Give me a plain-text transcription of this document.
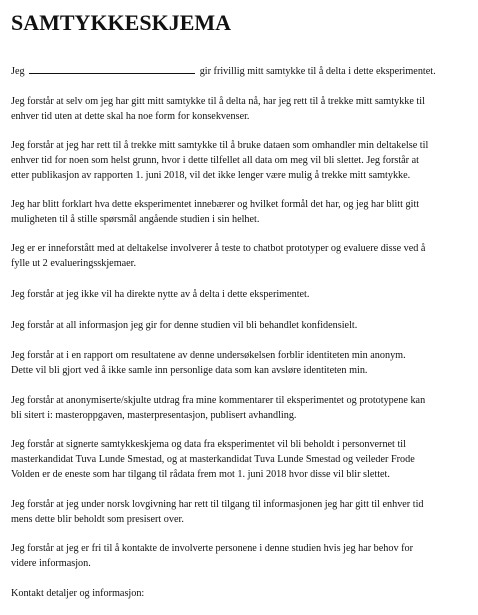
SAMTYKKESKJEMA

Jeg	gir frivillig mitt samtykke til å delta i dette eksperimentet.

Jeg forstår at selv om jeg har gitt mitt samtykke til å delta nå, har jeg rett til å trekke mitt samtykke til
enhver tid uten at dette skal ha noe form for konsekvenser.

Jeg forstår at jeg har rett til å trekke mitt samtykke til å bruke dataen som omhandler min deltakelse til
enhver tid for noen som helst grunn, hvor i dette tilfellet all data om meg vil bli slettet. Jeg forstår at
etter publikasjon av rapporten 1. juni 2018, vil det ikke lenger være mulig å trekke mitt samtykke.

Jeg har blitt forklart hva dette eksperimentet innebærer og hvilket formål det har, og jeg har blitt gitt
muligheten til å stille spørsmål angående studien i sin helhet.

Jeg er er inneforstått med at deltakelse involverer å teste to chatbot prototyper og evaluere disse ved å
fylle ut 2 evalueringsskjemaer.

Jeg forstår at jeg ikke vil ha direkte nytte av å delta i dette eksperimentet.

Jeg forstår at all informasjon jeg gir for denne studien vil bli behandlet konfidensielt.

Jeg forstår at i en rapport om resultatene av denne undersøkelsen forblir identiteten min anonym.
Dette vil bli gjort ved å ikke samle inn personlige data som kan avsløre identiteten min.

Jeg forstår at anonymiserte/skjulte utdrag fra mine kommentarer til eksperimentet og prototypene kan
bli sitert i: masteroppgaven, masterpresentasjon, publisert avhandling.

Jeg forstår at signerte samtykkeskjema og data fra eksperimentet vil bli beholdt i personvernet til
masterkandidat Tuva Lunde Smestad, og at masterkandidat Tuva Lunde Smestad og veileder Frode
Volden er de eneste som har tilgang til rådata frem mot 1. juni 2018 hvor disse vil blir slettet.

Jeg forstår at jeg under norsk lovgivning har rett til tilgang til informasjonen jeg har gitt til enhver tid
mens dette blir beholdt som presisert over.

Jeg forstår at jeg er fri til å kontakte de involverte personene i denne studien hvis jeg har behov for
videre informasjon.

Kontakt detaljer og informasjon:
